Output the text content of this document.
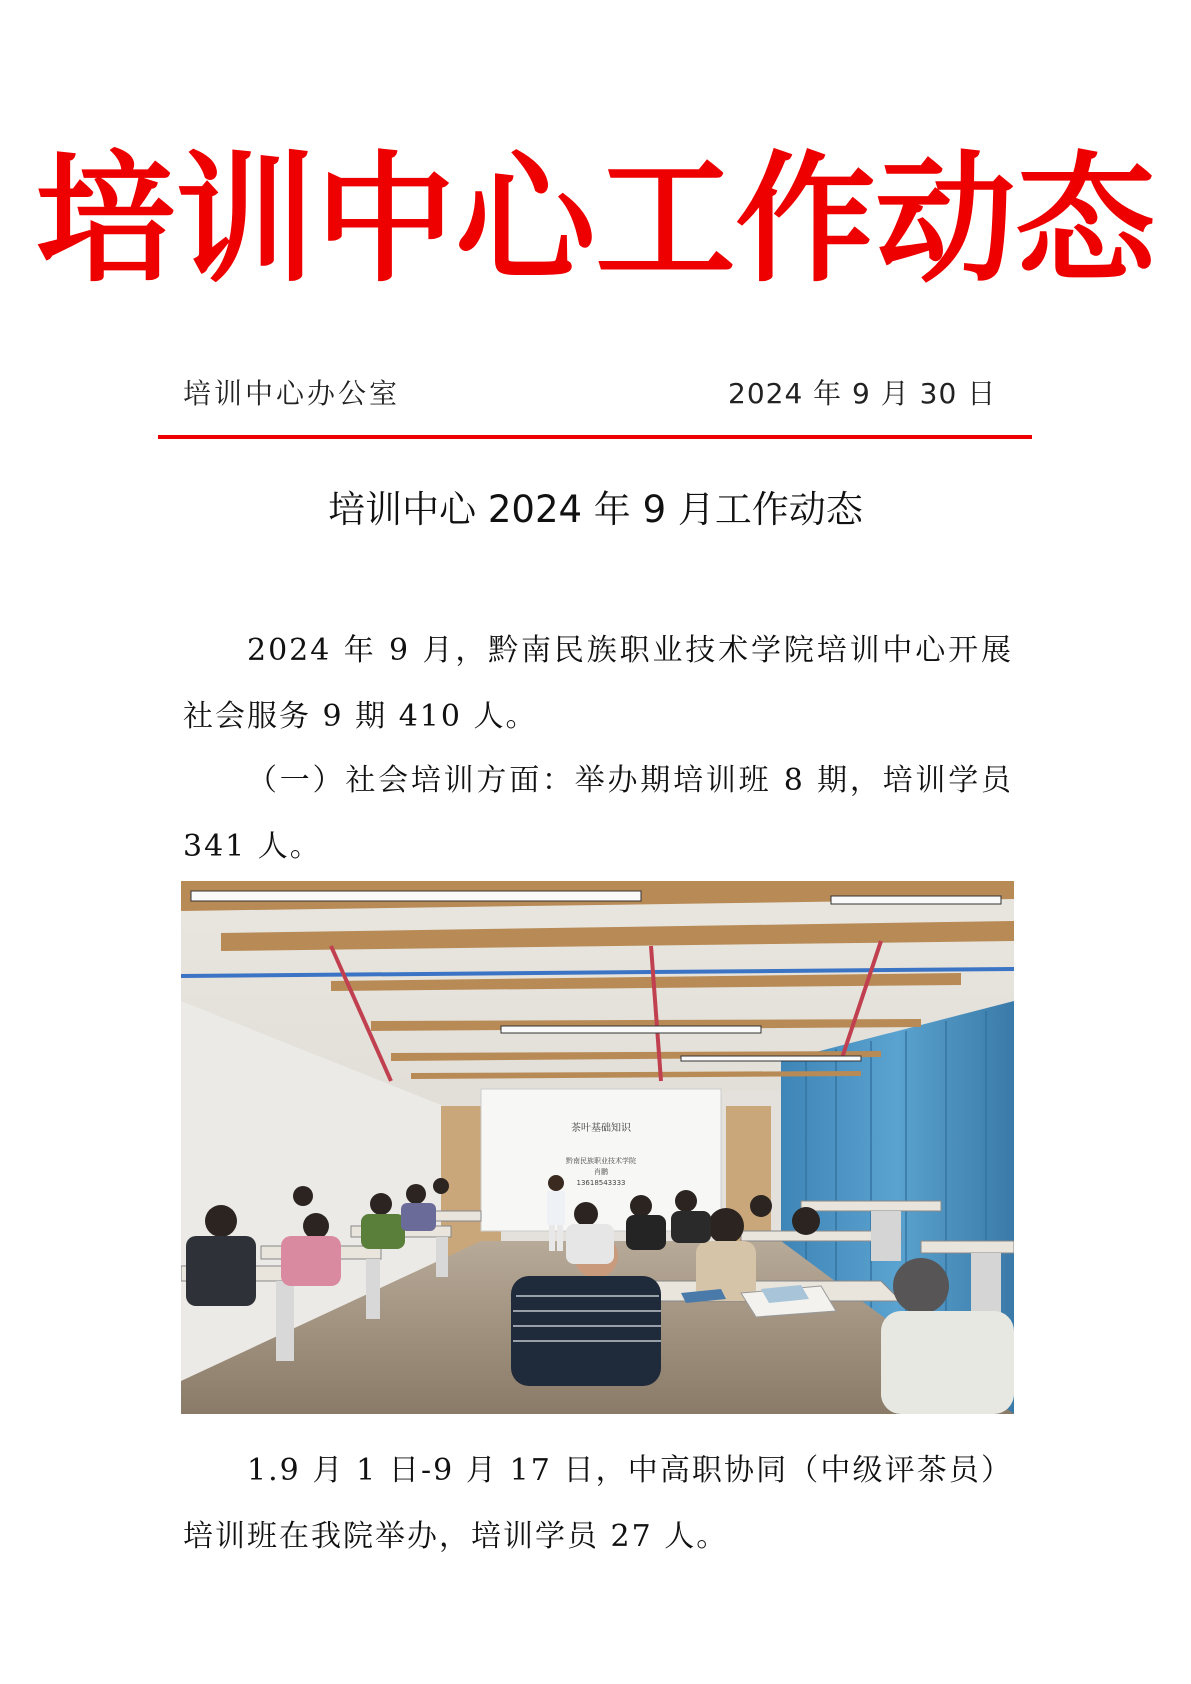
培训中心工作动态
培训中心办公室	2024 年 9 月 30 日
培训中心 2024 年 9 月工作动态
2024 年 9 月，黔南民族职业技术学院培训中心开展社会服务 9 期 410 人。
（一）社会培训方面：举办期培训班 8 期，培训学员 341 人。
茶叶基础知识
黔南民族职业技术学院
肖鹏
13618543333
1.9 月 1 日-9 月 17 日，中高职协同（中级评茶员）培训班在我院举办，培训学员 27 人。
